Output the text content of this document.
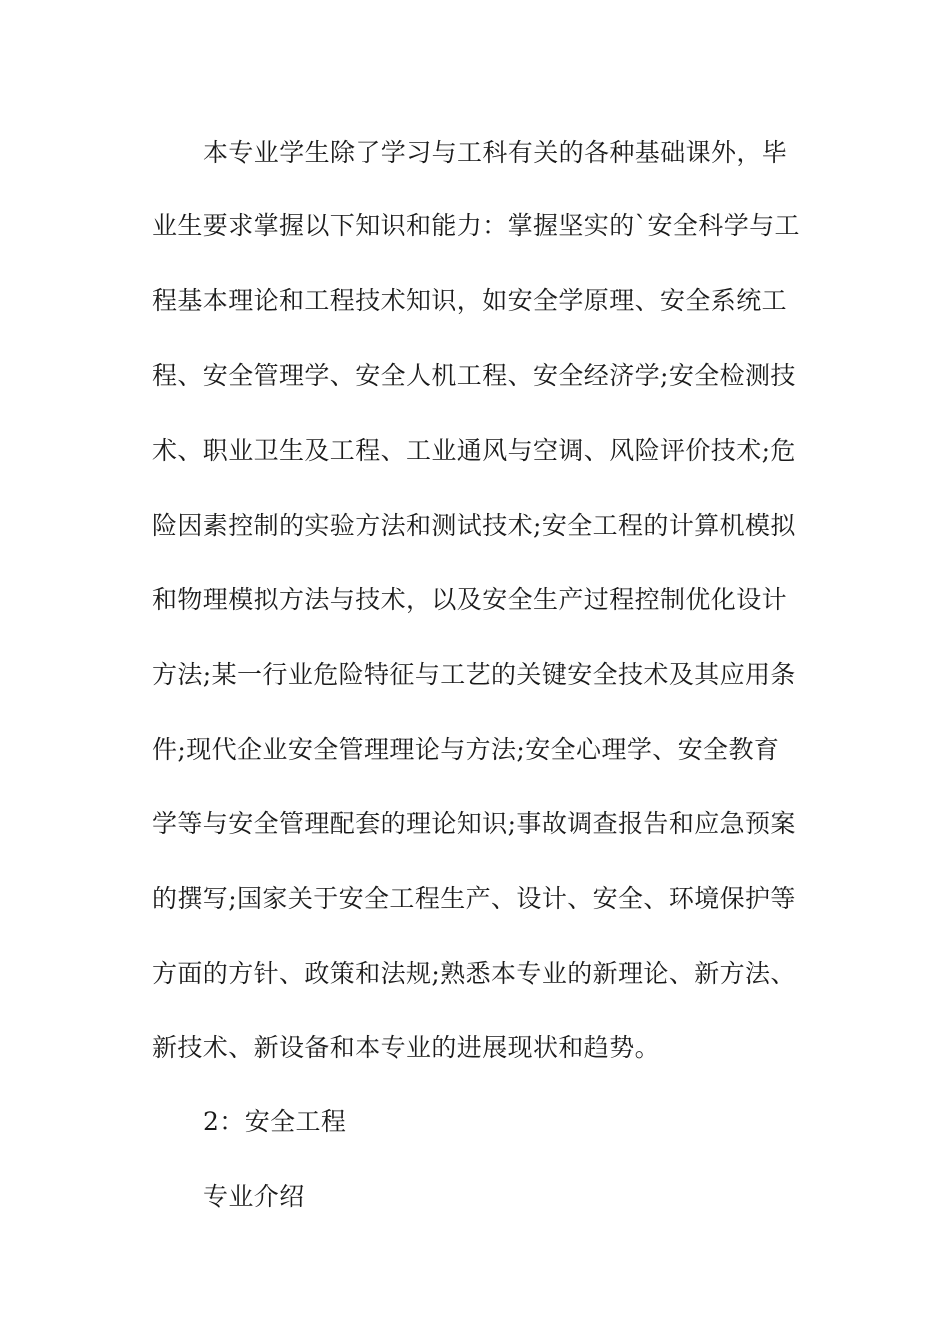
本专业学生除了学习与工科有关的各种基础课外，毕
业生要求掌握以下知识和能力：掌握坚实的`安全科学与工
程基本理论和工程技术知识，如安全学原理、安全系统工
程、安全管理学、安全人机工程、安全经济学;安全检测技
术、职业卫生及工程、工业通风与空调、风险评价技术;危
险因素控制的实验方法和测试技术;安全工程的计算机模拟
和物理模拟方法与技术，以及安全生产过程控制优化设计
方法;某一行业危险特征与工艺的关键安全技术及其应用条
件;现代企业安全管理理论与方法;安全心理学、安全教育
学等与安全管理配套的理论知识;事故调查报告和应急预案
的撰写;国家关于安全工程生产、设计、安全、环境保护等
方面的方针、政策和法规;熟悉本专业的新理论、新方法、
新技术、新设备和本专业的进展现状和趋势。
2：安全工程
专业介绍
